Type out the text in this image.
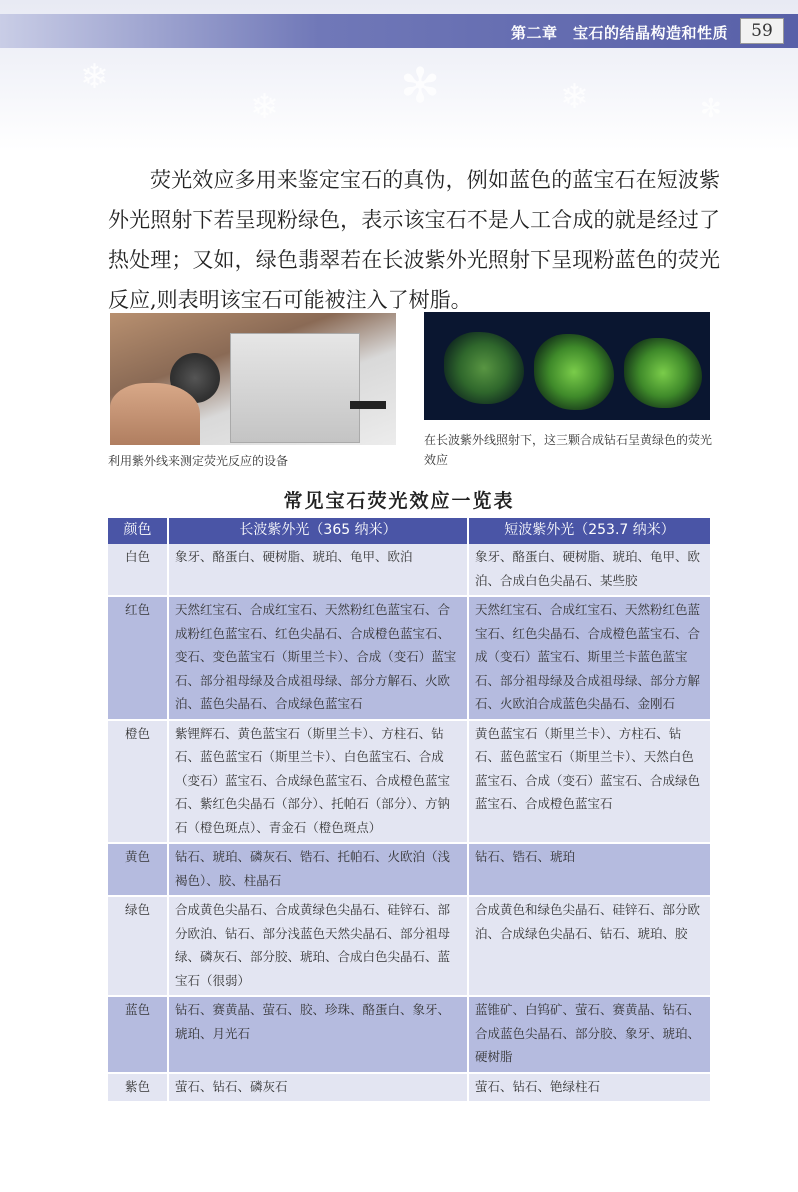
❄
❄	✻	❄	✻
第二章　宝石的结晶构造和性质	59

荧光效应多用来鉴定宝石的真伪，例如蓝色的蓝宝石在短波紫外光照射下若呈现粉绿色，表示该宝石不是人工合成的就是经过了热处理；又如，绿色翡翠若在长波紫外光照射下呈现粉蓝色的荧光反应,则表明该宝石可能被注入了树脂。

利用紫外线来测定荧光反应的设备
在长波紫外线照射下，这三颗合成钻石呈黄绿色的荧光效应
常见宝石荧光效应一览表
颜色	长波紫外光（365 纳米）	短波紫外光（253.7 纳米）
白色	象牙、酪蛋白、硬树脂、琥珀、龟甲、欧泊	象牙、酪蛋白、硬树脂、琥珀、龟甲、欧泊、合成白色尖晶石、某些胶
红色	天然红宝石、合成红宝石、天然粉红色蓝宝石、合成粉红色蓝宝石、红色尖晶石、合成橙色蓝宝石、变石、变色蓝宝石（斯里兰卡）、合成（变石）蓝宝石、部分祖母绿及合成祖母绿、部分方解石、火欧泊、蓝色尖晶石、合成绿色蓝宝石	天然红宝石、合成红宝石、天然粉红色蓝宝石、红色尖晶石、合成橙色蓝宝石、合成（变石）蓝宝石、斯里兰卡蓝色蓝宝石、部分祖母绿及合成祖母绿、部分方解石、火欧泊合成蓝色尖晶石、金刚石
橙色	紫锂辉石、黄色蓝宝石（斯里兰卡）、方柱石、钻石、蓝色蓝宝石（斯里兰卡）、白色蓝宝石、合成（变石）蓝宝石、合成绿色蓝宝石、合成橙色蓝宝石、紫红色尖晶石（部分）、托帕石（部分）、方钠石（橙色斑点）、青金石（橙色斑点）	黄色蓝宝石（斯里兰卡）、方柱石、钻石、蓝色蓝宝石（斯里兰卡）、天然白色蓝宝石、合成（变石）蓝宝石、合成绿色蓝宝石、合成橙色蓝宝石
黄色	钻石、琥珀、磷灰石、锆石、托帕石、火欧泊（浅褐色）、胶、柱晶石	钻石、锆石、琥珀
绿色	合成黄色尖晶石、合成黄绿色尖晶石、硅锌石、部分欧泊、钻石、部分浅蓝色天然尖晶石、部分祖母绿、磷灰石、部分胶、琥珀、合成白色尖晶石、蓝宝石（很弱）	合成黄色和绿色尖晶石、硅锌石、部分欧泊、合成绿色尖晶石、钻石、琥珀、胶
蓝色	钻石、赛黄晶、萤石、胶、珍珠、酪蛋白、象牙、琥珀、月光石	蓝锥矿、白钨矿、萤石、赛黄晶、钻石、合成蓝色尖晶石、部分胶、象牙、琥珀、硬树脂
紫色	萤石、钻石、磷灰石	萤石、钻石、铯绿柱石
